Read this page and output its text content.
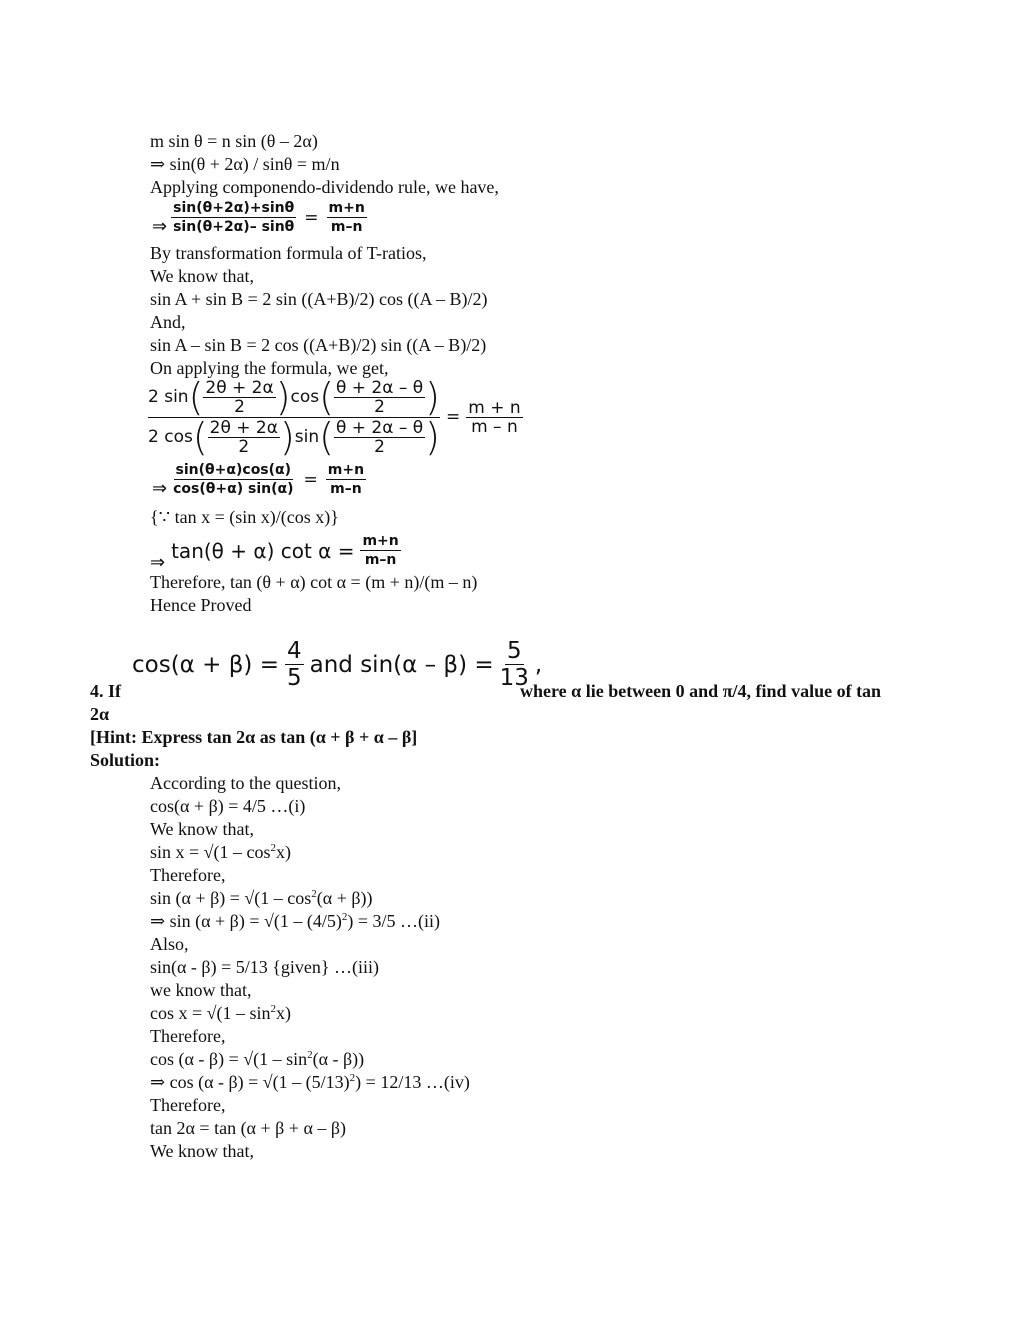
m sin θ = n sin (θ – 2α)
⇒ sin(θ + 2α) / sinθ = m/n
Applying componendo-dividendo rule, we have,
⇒ $\frac{\sin(\theta+2\alpha)+\sin\theta}{\sin(\theta+2\alpha)- \sin\theta} = \frac{m+n}{m-n}$
By transformation formula of T-ratios,
We know that,
sin A + sin B = 2 sin ((A+B)/2) cos ((A – B)/2)
And,
sin A – sin B = 2 cos ((A+B)/2) sin ((A – B)/2)
On applying the formula, we get,
2 sin ( $\frac{2\theta + 2\alpha}{2}$ ) cos ( $\frac{\theta + 2\alpha - \theta}{2}$ )
2 cos ( $\frac{2\theta + 2\alpha}{2}$ ) sin ( $\frac{\theta + 2\alpha - \theta}{2}$ ) = $\frac{m + n}{m - n}$
⇒ $\frac{\sin(\theta+\alpha)\cos(\alpha)}{\cos(\theta+\alpha) \sin(\alpha)} = \frac{m+n}{m-n}$
{∵ tan x = (sin x)/(cos x)}
⇒ tan(θ + α) $\cot \alpha = \frac{m+n}{m-n}$
Therefore, tan (θ + α) cot α = (m + n)/(m – n)
Hence Proved
4. If
$\cos(\alpha + \beta) = \frac{4}{5}$ and $\sin(\alpha - \beta) = \frac{5}{13}$ ,
where α lie between 0 and π/4, find value of tan
2α
[Hint: Express tan 2α as tan (α + β + α – β]
Solution:
According to the question,
cos(α + β) = 4/5 …(i)
We know that,
$\sin x = √(1 - \cos^2x)$
Therefore,
$\sin (\alpha + \beta) = √(1 - \cos^2(\alpha + \beta))$
⇒ $\sin (\alpha + \beta) = √(1 - (4/5)^2) = 3/5$ …(ii)
Also,
sin(α - β) = 5/13 {given} …(iii)
we know that,
$\cos x = √(1 - \sin^2x)$
Therefore,
$\cos (\alpha - \beta) = √(1 - \sin^2(\alpha - \beta))$
⇒ $\cos (\alpha - \beta) = √(1 - (5/13)^2) = 12/13$ …(iv)
Therefore,
tan 2α = tan (α + β + α – β)
We know that,
